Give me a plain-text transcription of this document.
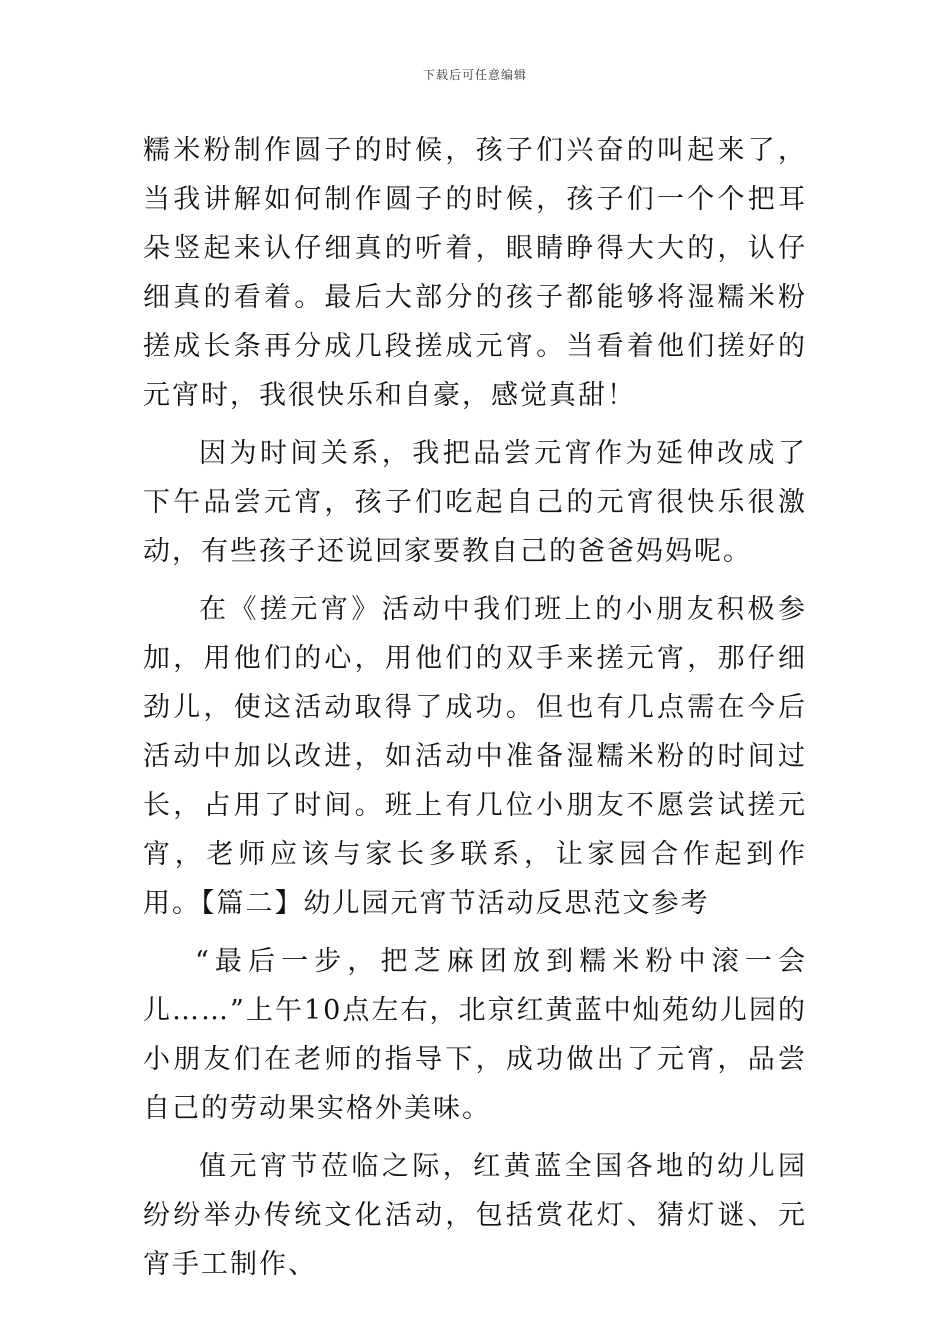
下载后可任意编辑

糯米粉制作圆子的时候，孩子们兴奋的叫起来了，当我讲解如何制作圆子的时候，孩子们一个个把耳朵竖起来认仔细真的听着，眼睛睁得大大的，认仔细真的看着。最后大部分的孩子都能够将湿糯米粉搓成长条再分成几段搓成元宵。当看着他们搓好的元宵时，我很快乐和自豪，感觉真甜！

因为时间关系，我把品尝元宵作为延伸改成了下午品尝元宵，孩子们吃起自己的元宵很快乐很激动，有些孩子还说回家要教自己的爸爸妈妈呢。

在《搓元宵》活动中我们班上的小朋友积极参加，用他们的心，用他们的双手来搓元宵，那仔细劲儿，使这活动取得了成功。但也有几点需在今后活动中加以改进，如活动中准备湿糯米粉的时间过长，占用了时间。班上有几位小朋友不愿尝试搓元宵，老师应该与家长多联系，让家园合作起到作用。【篇二】幼儿园元宵节活动反思范文参考

“最后一步，把芝麻团放到糯米粉中滚一会儿……”上午10点左右，北京红黄蓝中灿苑幼儿园的小朋友们在老师的指导下，成功做出了元宵，品尝自己的劳动果实格外美味。

值元宵节莅临之际，红黄蓝全国各地的幼儿园纷纷举办传统文化活动，包括赏花灯、猜灯谜、元宵手工制作、
